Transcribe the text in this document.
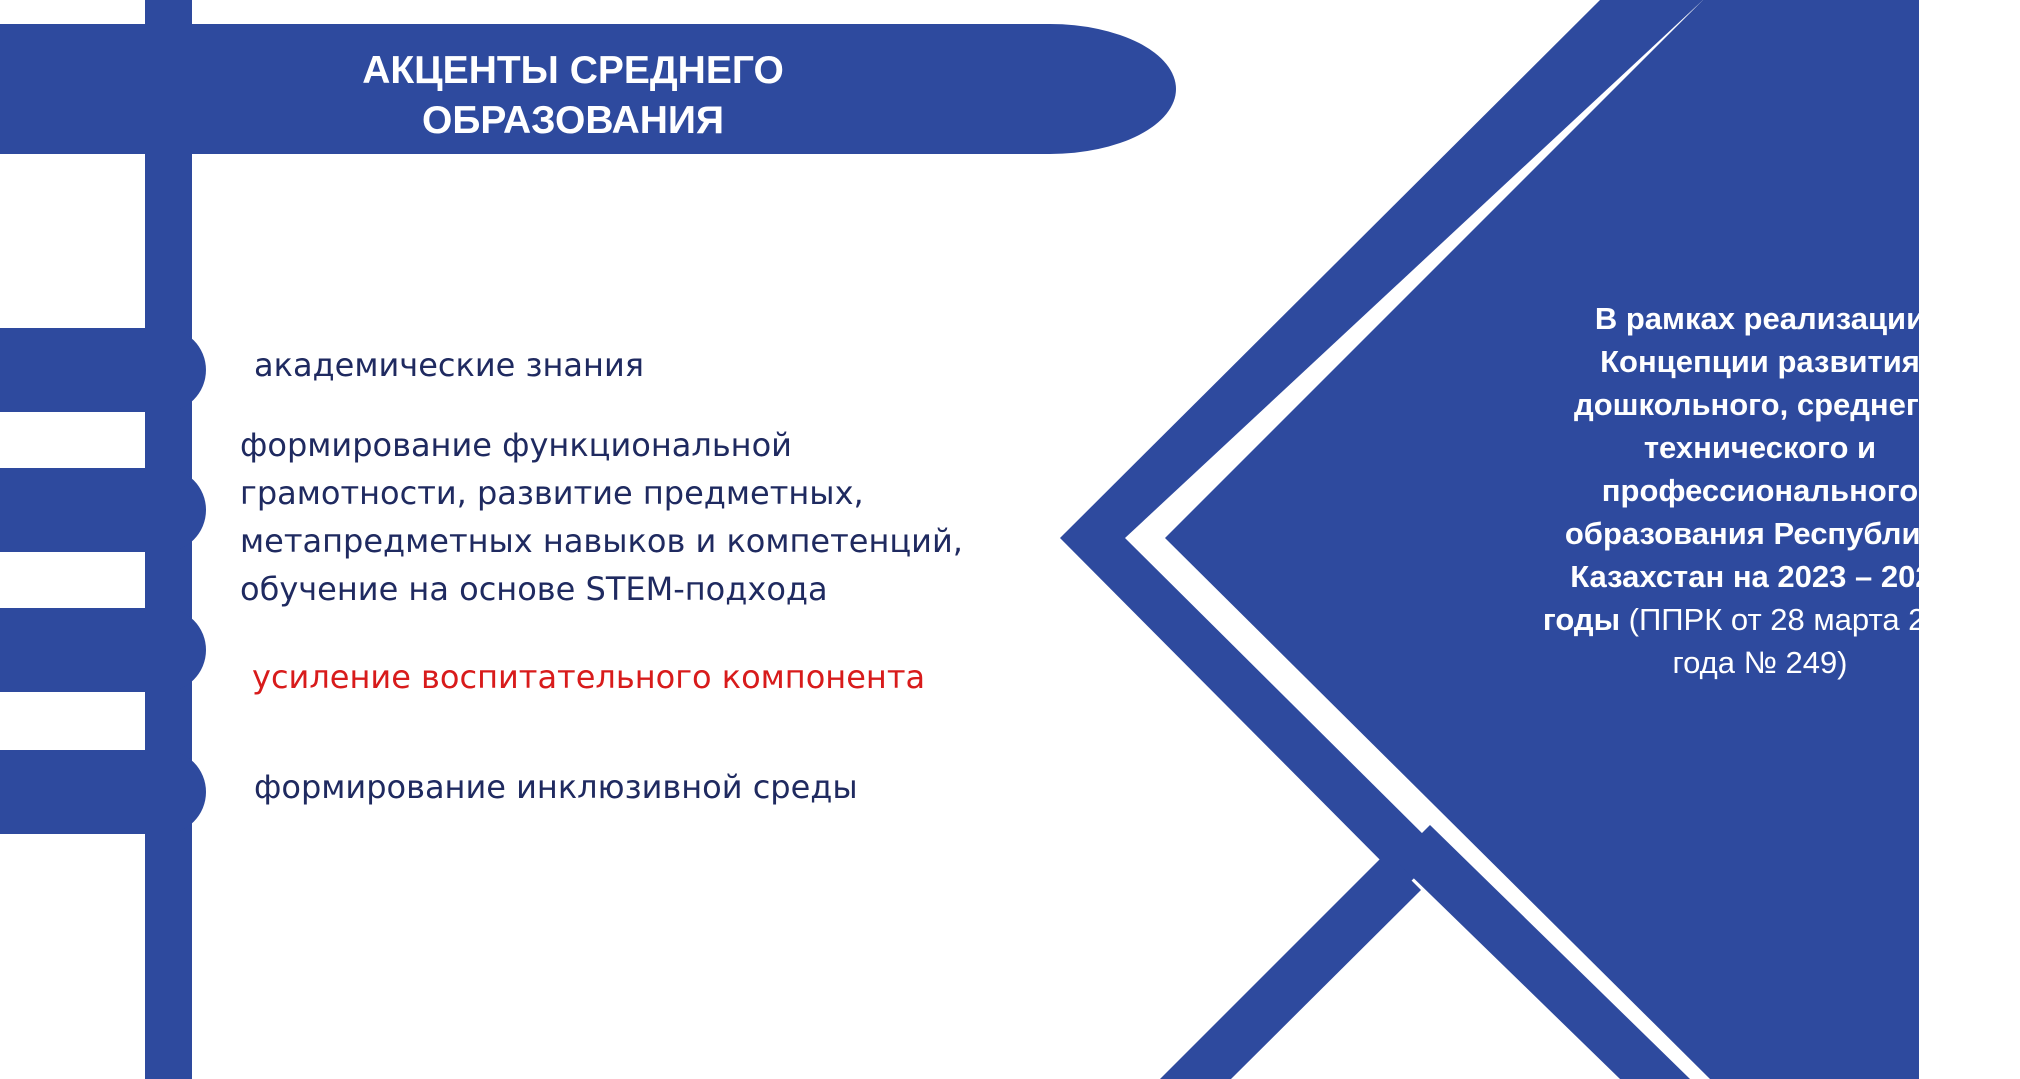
АКЦЕНТЫ СРЕДНЕГО
ОБРАЗОВАНИЯ
академические знания
формирование функциональной
грамотности, развитие предметных,
метапредметных навыков и компетенций,
обучение на основе STEM-подхода
усиление воспитательного компонента
формирование инклюзивной среды
В рамках реализации
Концепции развития
дошкольного, среднего,
технического и
профессионального
образования Республики
Казахстан на 2023 – 2029
годы (ППРК от 28 марта 2023
года № 249)
